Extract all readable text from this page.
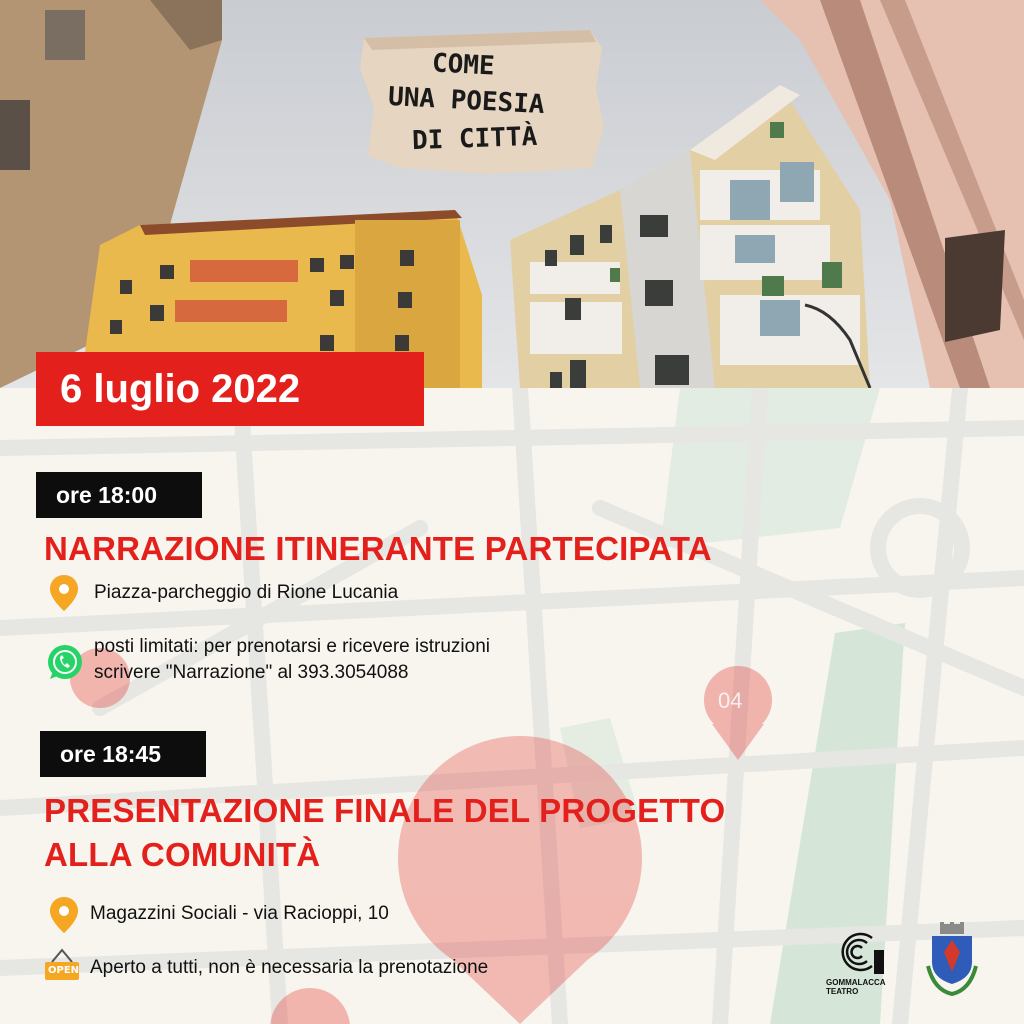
COME
UNA POESIA
DI CITTÀ
04
6 luglio 2022
ore 18:00
NARRAZIONE ITINERANTE PARTECIPATA
Piazza-parcheggio di Rione Lucania
posti limitati: per prenotarsi e ricevere istruzioni
scrivere "Narrazione" al 393.3054088
ore 18:45
PRESENTAZIONE FINALE DEL PROGETTO
ALLA COMUNITÀ
Magazzini Sociali - via Racioppi, 10
OPEN Aperto a tutti, non è necessaria la prenotazione
GOMMALACCA
TEATRO
